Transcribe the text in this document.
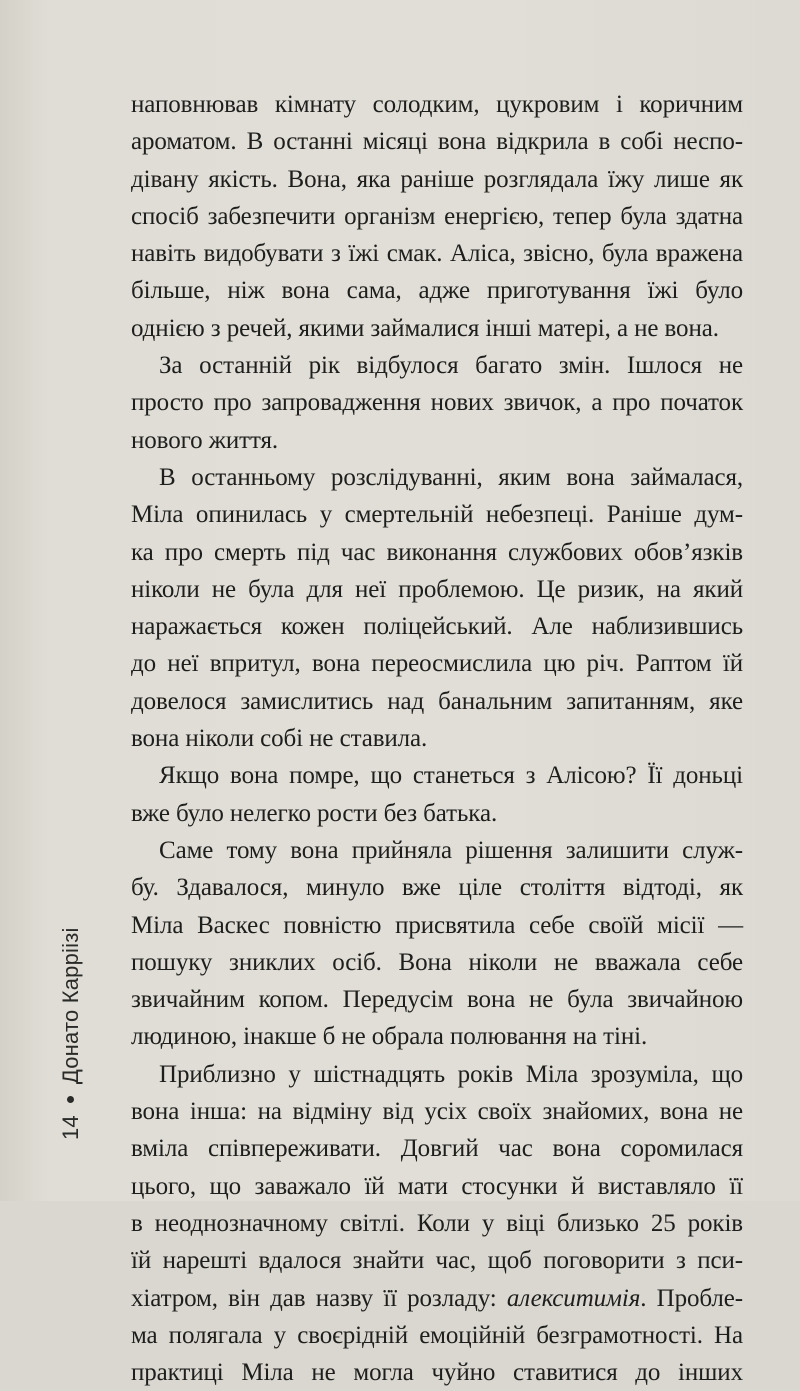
наповнював кімнату солодким, цукровим і коричним
ароматом. В останні місяці вона відкрила в собі неспо-
дівану якість. Вона, яка раніше розглядала їжу лише як
спосіб забезпечити організм енергією, тепер була здатна
навіть видобувати з їжі смак. Аліса, звісно, була вражена
більше, ніж вона сама, адже приготування їжі було
однією з речей, якими займалися інші матері, а не вона.
За останній рік відбулося багато змін. Ішлося не
просто про запровадження нових звичок, а про початок
нового життя.
В останньому розслідуванні, яким вона займалася,
Міла опинилась у смертельній небезпеці. Раніше дум-
ка про смерть під час виконання службових обов’язків
ніколи не була для неї проблемою. Це ризик, на який
наражається кожен поліцейський. Але наблизившись
до неї впритул, вона переосмислила цю річ. Раптом їй
довелося замислитись над банальним запитанням, яке
вона ніколи собі не ставила.
Якщо вона помре, що станеться з Алісою? Її доньці
вже було нелегко рости без батька.
Саме тому вона прийняла рішення залишити служ-
бу. Здавалося, минуло вже ціле століття відтоді, як
Міла Васкес повністю присвятила себе своїй місії —
пошуку зниклих осіб. Вона ніколи не вважала себе
звичайним копом. Передусім вона не була звичайною
людиною, інакше б не обрала полювання на тіні.
Приблизно у шістнадцять років Міла зрозуміла, що
вона інша: на відміну від усіх своїх знайомих, вона не
вміла співпереживати. Довгий час вона соромилася
цього, що заважало їй мати стосунки й виставляло її
в неоднозначному світлі. Коли у віці близько 25 років
їй нарешті вдалося знайти час, щоб поговорити з пси-
хіатром, він дав назву її розладу: алекситимія. Пробле-
ма полягала у своєрідній емоційній безграмотності. На
практиці Міла не могла чуйно ставитися до інших
14Донато Карріізі
